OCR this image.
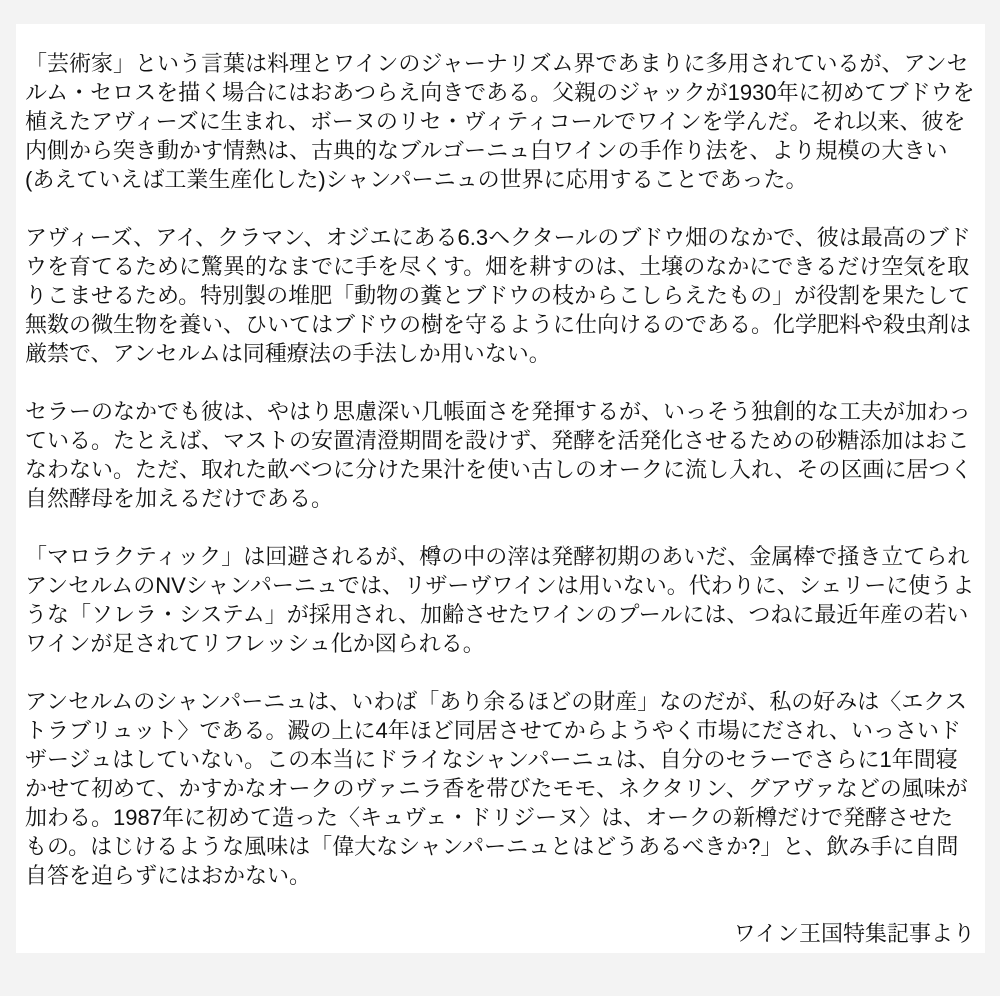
「芸術家」という言葉は料理とワインのジャーナリズム界であまりに多用されているが、アンセルム・セロスを描く場合にはおあつらえ向きである。父親のジャックが1930年に初めてブドウを植えたアヴィーズに生まれ、ボーヌのリセ・ヴィティコールでワインを学んだ。それ以来、彼を内側から突き動かす情熱は、古典的なブルゴーニュ白ワインの手作り法を、より規模の大きい(あえていえば工業生産化した)シャンパーニュの世界に応用することであった。

アヴィーズ、アイ、クラマン、オジエにある6.3ヘクタールのブドウ畑のなかで、彼は最高のブドウを育てるために驚異的なまでに手を尽くす。畑を耕すのは、土壌のなかにできるだけ空気を取りこませるため。特別製の堆肥「動物の糞とブドウの枝からこしらえたもの」が役割を果たして無数の微生物を養い、ひいてはブドウの樹を守るように仕向けるのである。化学肥料や殺虫剤は厳禁で、アンセルムは同種療法の手法しか用いない。

セラーのなかでも彼は、やはり思慮深い几帳面さを発揮するが、いっそう独創的な工夫が加わっている。たとえば、マストの安置清澄期間を設けず、発酵を活発化させるための砂糖添加はおこなわない。ただ、取れた畝べつに分けた果汁を使い古しのオークに流し入れ、その区画に居つく自然酵母を加えるだけである。

「マロラクティック」は回避されるが、樽の中の滓は発酵初期のあいだ、金属棒で掻き立てられアンセルムのNVシャンパーニュでは、リザーヴワインは用いない。代わりに、シェリーに使うような「ソレラ・システム」が採用され、加齢させたワインのプールには、つねに最近年産の若いワインが足されてリフレッシュ化か図られる。

アンセルムのシャンパーニュは、いわば「あり余るほどの財産」なのだが、私の好みは〈エクストラブリュット〉である。澱の上に4年ほど同居させてからようやく市場にだされ、いっさいドザージュはしていない。この本当にドライなシャンパーニュは、自分のセラーでさらに1年間寝かせて初めて、かすかなオークのヴァニラ香を帯びたモモ、ネクタリン、グアヴァなどの風味が加わる。1987年に初めて造った〈キュヴェ・ドリジーヌ〉は、オークの新樽だけで発酵させたもの。はじけるような風味は「偉大なシャンパーニュとはどうあるべきか?」と、飲み手に自問自答を迫らずにはおかない。

ワイン王国特集記事より
